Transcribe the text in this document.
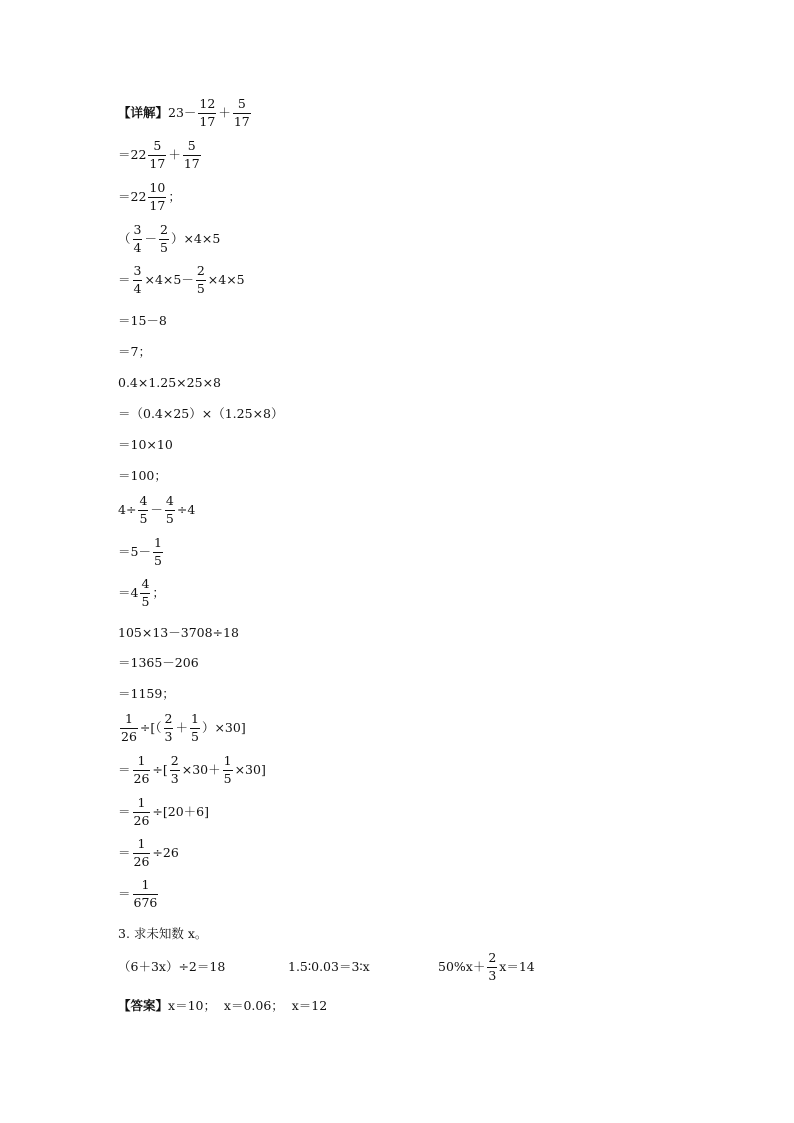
【详解】 $23- \frac{12}{17} + \frac{5}{17}$
$=22 \frac{5}{17} + \frac{5}{17}$
$=22 \frac{10}{17}$ ；
（ $\frac{3}{4} - \frac{2}{5} )\times 4\times 5$
＝ $\frac{3}{4} \times 4\times 5- \frac{2}{5} \times 4\times 5$
＝15－8
＝7；
0.4×1.25×25×8
＝（0.4×25）×（1.25×8）
＝10×10
＝100；
$4\div \frac{4}{5} - \frac{4}{5} \div 4$
$=5- \frac{1}{5}$
$=4 \frac{4}{5}$ ；
105×13－3708÷18
＝1365－206
＝1159；
$\frac{1}{26}$ ÷[（ $\frac{2}{3} + \frac{1}{5} )\times 30$]
＝ $\frac{1}{26}$ ÷[ $\frac{2}{3} \times 30+ \frac{1}{5} \times 30$]
＝ $\frac{1}{26} \div[20+6]$
＝ $\frac{1}{26} \div 26$
＝ $\frac{1}{676}$
3. 求未知数 x。
（6＋3x）÷2＝18	1.5∶0.03＝3∶x	$50\%x+ \frac{2}{3} x=14$
【答案】 x＝10；  x＝0.06；  x＝12
